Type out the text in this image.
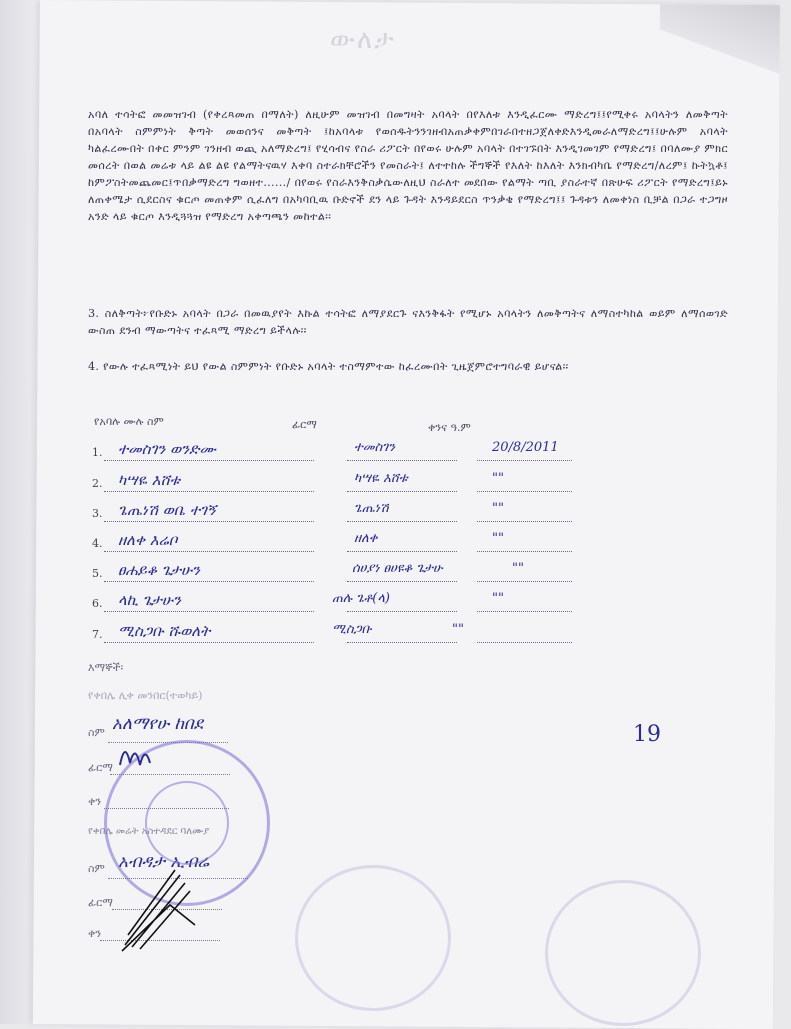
ውለታ
አባለ ተሳትፎ መመዝገብ (የቀረጻመጠ በማለት) ለዚሁም መዝገብ በመግዛት አባላት በየእለቱ እንዲፈርሙ ማድረግ፤፤የሚቀሩ አባላትን ለመቅጣት በአባላት ስምምነት ቅጣት መወሰንና መቅጣት ፤ከአባላቱ የወሰዱትንንገዘብአጠቃቀምበገራበተዘጋጀለቀድእንዲመራለማድረግ፤፤ሁሉም አባላት ካልፈረሙበት በቀር ምንም ገንዘብ ወጪ አለማድረግ፤ የሂሳብና የስራ ሪፖርት በየወሩ ሁሉም አባላት በተገኙበት እንዲገመገም የማድረግ፤ በባለሙያ ምክር መሰረት በወል መሬቱ ላይ ልዩ ልዩ የልማትናዉሃ እቀባ ስተራክቸሮችን የመስራት፤ ለተተከሉ ችግኞች የእለት ከእለት እንክብካቤ የማድረግ/ለረም፤ ኩትኳቶ፤ ከምፖስትመጨመር፤ጥበቃማድረግ ግወዘተ....../ በየወሩ የስራእንቅስቃሴውለዚህ ስራለተ መደበው የልማት ጣቢ ያስራተኛ በጽሁፍ ሪፖርት የማድረግ፤ይኑ ለጠቀሜታ ሲደርስና ቁርጦ መጠቀም ሲፈለግ በአካባቢዉ ቡድኖች ደን ላይ ጉዳት እንዳይደርስ ጥንቃቄ የማድረግ፤፤ ጉዳቱን ለመቀነስ ቢቻል በጋራ ተጋግዞ አንድ ላይ ቁርጦ እንዲጓጓዝ የማድረግ አቀጣጫን መከተል፡፡
3. ስለቅጣት፦የቡድኑ አባላት በጋራ በመዉያየት እኩል ተሳትፎ ለማያደርጉ ናእንቅፋት የሚሆኑ አባላትን ለመቅጣትና ለማስተካከል ወይም ለማሰወገድ ውስጠ ደንብ ማውጣትና ተፈጻሚ ማድረግ ይችላሉ፡፡
4. የውሉ ተፈጻሚነት ይህ የውል ስምምነት የቡድኑ አባላት ተስማምተው ከፈረሙበት ጊዜጀምሮተግባራዊ ይሆናል፡፡
የአባሉ ሙሉ ስም	ፊርማ	ቀንና ዓ.ም
1. ተመስገን ወንድሙ	ተመስገን	20/8/2011
2. ካሣዬ እሸቱ	ካሣዬ እሸቱ	""
3. ጌጤነሽ ወቤ ተገኝ	ጌጤነሽ	""
4. ዘለቀ እሬቦ	ዘለቀ	""
5. ፀሐይቆ ጌታሁን	ሰሀያነ ፀሀዩቆ ጌታሁ	""
6. ላኪ ጌታሁን	ጠሉ ጌቶ(ላ)	""
7. ሚስጋቡ ሹወለት	ሚስጋቡ	""
እማኞች፡
የቀበሌ ሊቀ መንበር(ተወካይ)
ስም አለማየሁ ከበደ	19
ፊርማ
ቀን
የቀበሌ መሬት አስተዳደር ባለሙያ
ስም አብዳታ ኢብሬ
ፊርማ
ቀን
